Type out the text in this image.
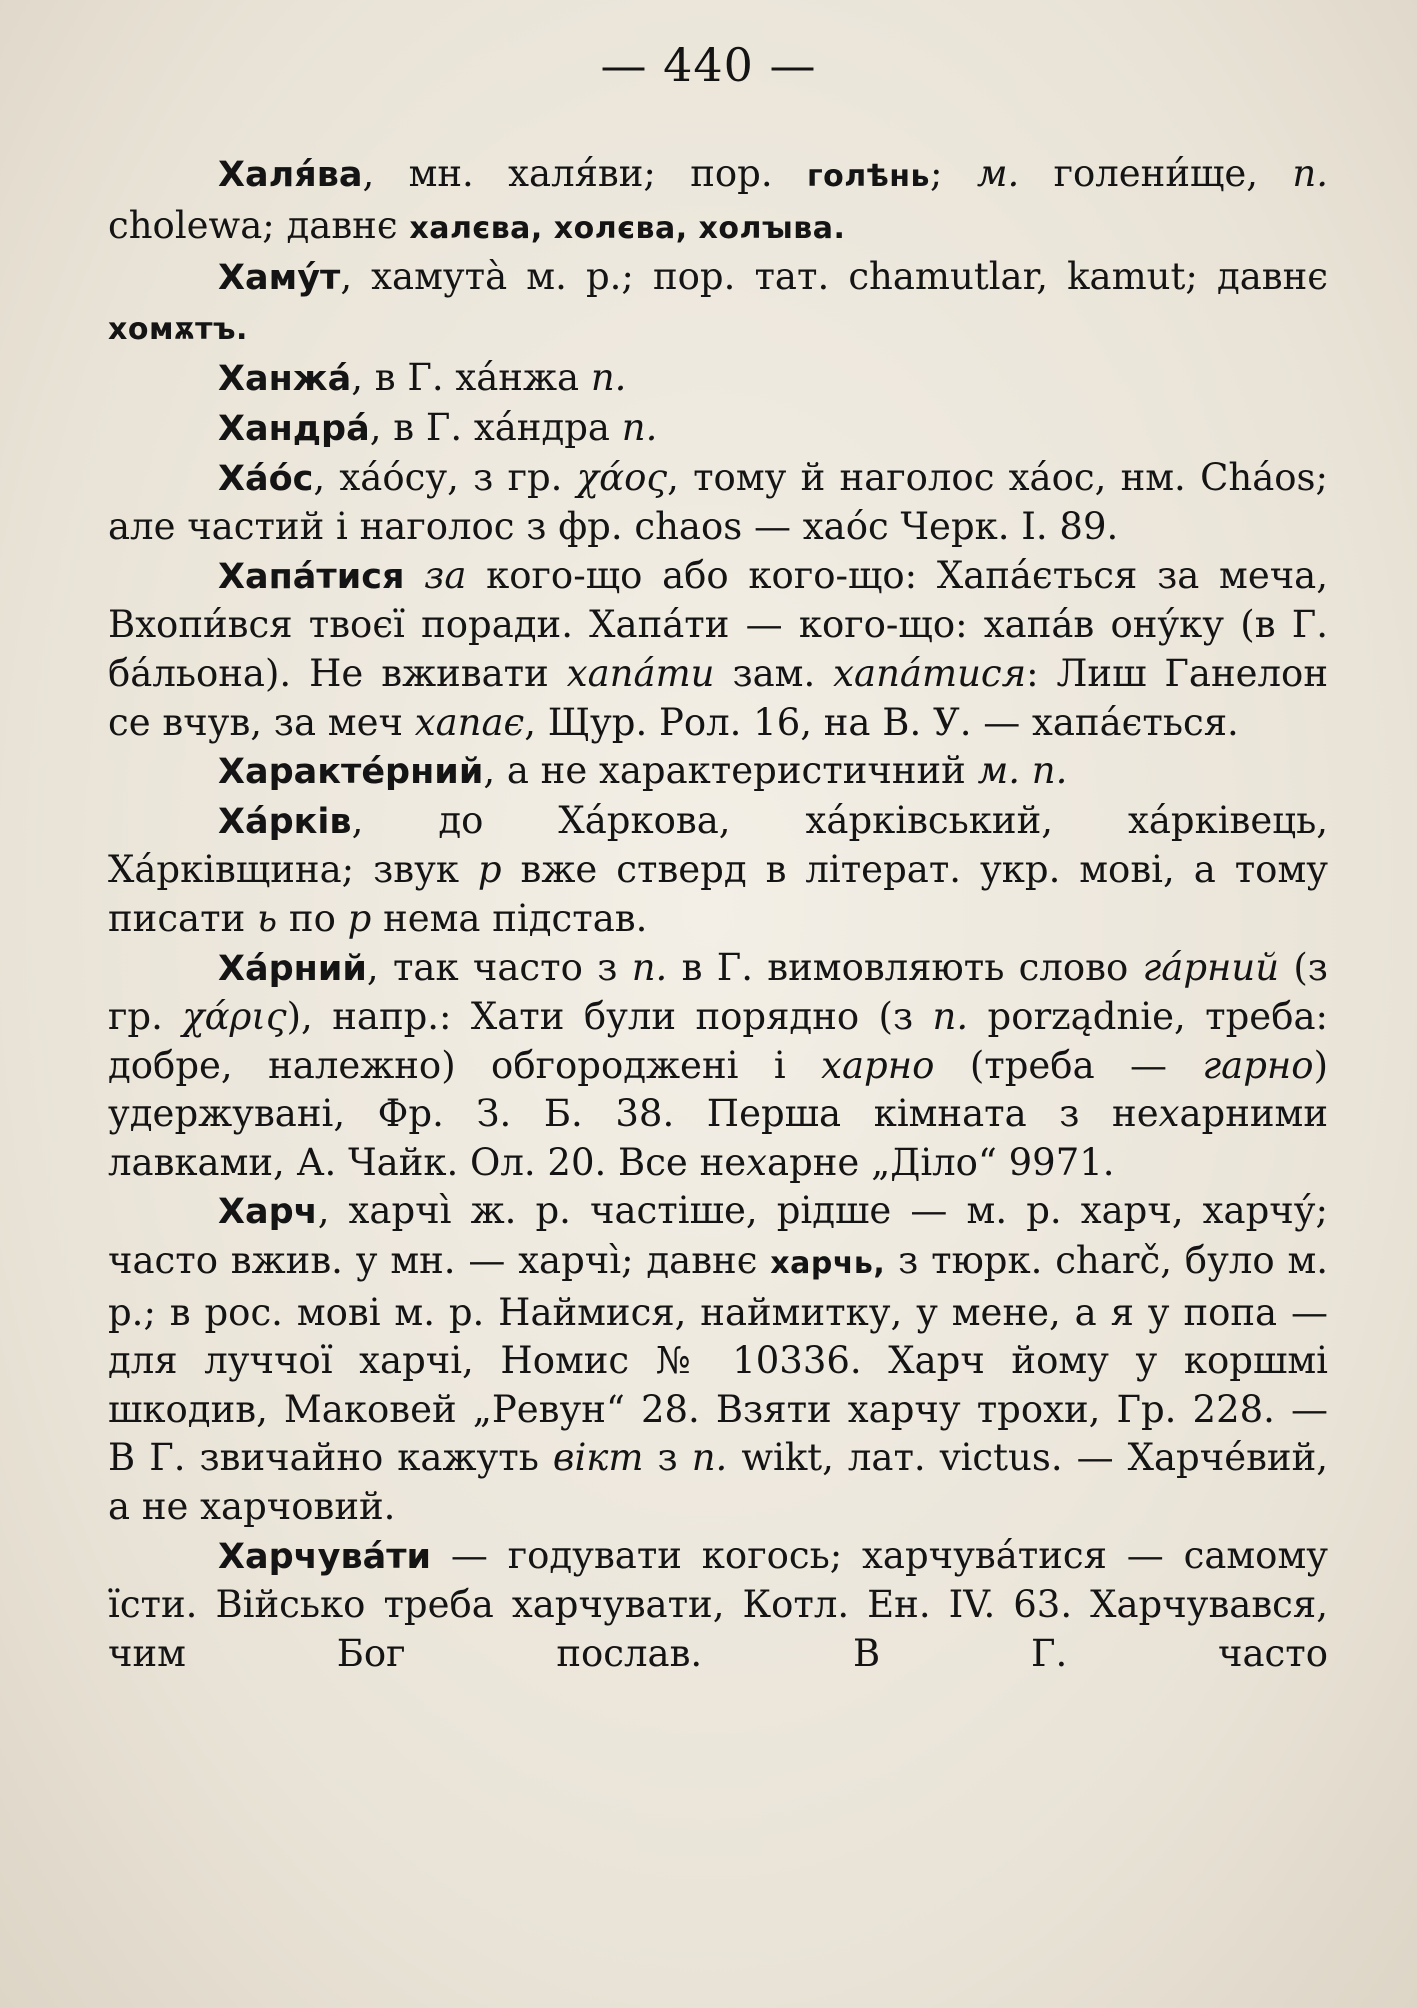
— 440 —

Халя́ва, мн. халя́ви; пор. голѣнь; м. голени́ще, п. cholewa; давнє халєва, холєва, холꙑва.

Хаму́т, хамута̀ м. р.; пор. тат. chamutlar, kamut; давнє хомѫтъ.

Ханжа́, в Г. ха́нжа п.

Хандра́, в Г. ха́ндра п.

Ха́о́с, ха́о́су, з гр. χάος, тому й наголос ха́ос, нм. Cháos; але частий і наголос з фр. chaos — хао́с Черк. І. 89.

Хапа́тися за кого-що або кого-що: Хапа́ється за меча, Вхопи́вся твоєї поради. Хапа́ти — кого-що: хапа́в ону́ку (в Г. ба́льона). Не вживати хапа́ти зам. хапа́тися: Лиш Ганелон се вчув, за меч хапає, Щур. Рол. 16, на В. У. — хапа́ється.

Характе́рний, а не характеристичний м. п.

Ха́рків, до Ха́ркова, ха́рківський, ха́рківець, Ха́рківщина; звук р вже стверд в літерат. укр. мові, а тому писати ь по р нема підстав.

Ха́рний, так часто з п. в Г. вимовляють слово га́рний (з гр. χάρις), напр.: Хати були порядно (з п. porządnie, треба: добре, належно) обгороджені і харно (треба — гарно) удержувані, Фр. З. Б. 38. Перша кімната з нехарними лавками, А. Чайк. Ол. 20. Все нехарне „Діло“ 9971.

Харч, харчі̀ ж. р. частіше, рідше — м. р. харч, харчу́; часто вжив. у мн. — харчі̀; давнє харчь, з тюрк. charč, було м. р.; в рос. мові м. р. Наймися, наймитку, у мене, а я у попа — для луччої харчі, Номис № 10336. Харч йому у коршмі шкодив, Маковей „Ревун“ 28. Взяти харчу трохи, Гр. 228. — В Г. звичайно кажуть вікт з п. wikt, лат. victus. — Харче́вий, а не харчовий.

Харчува́ти — годувати когось; харчува́тися — самому їсти. Військо треба харчувати, Котл. Ен. IV. 63. Харчувався, чим Бог послав. В Г. часто
